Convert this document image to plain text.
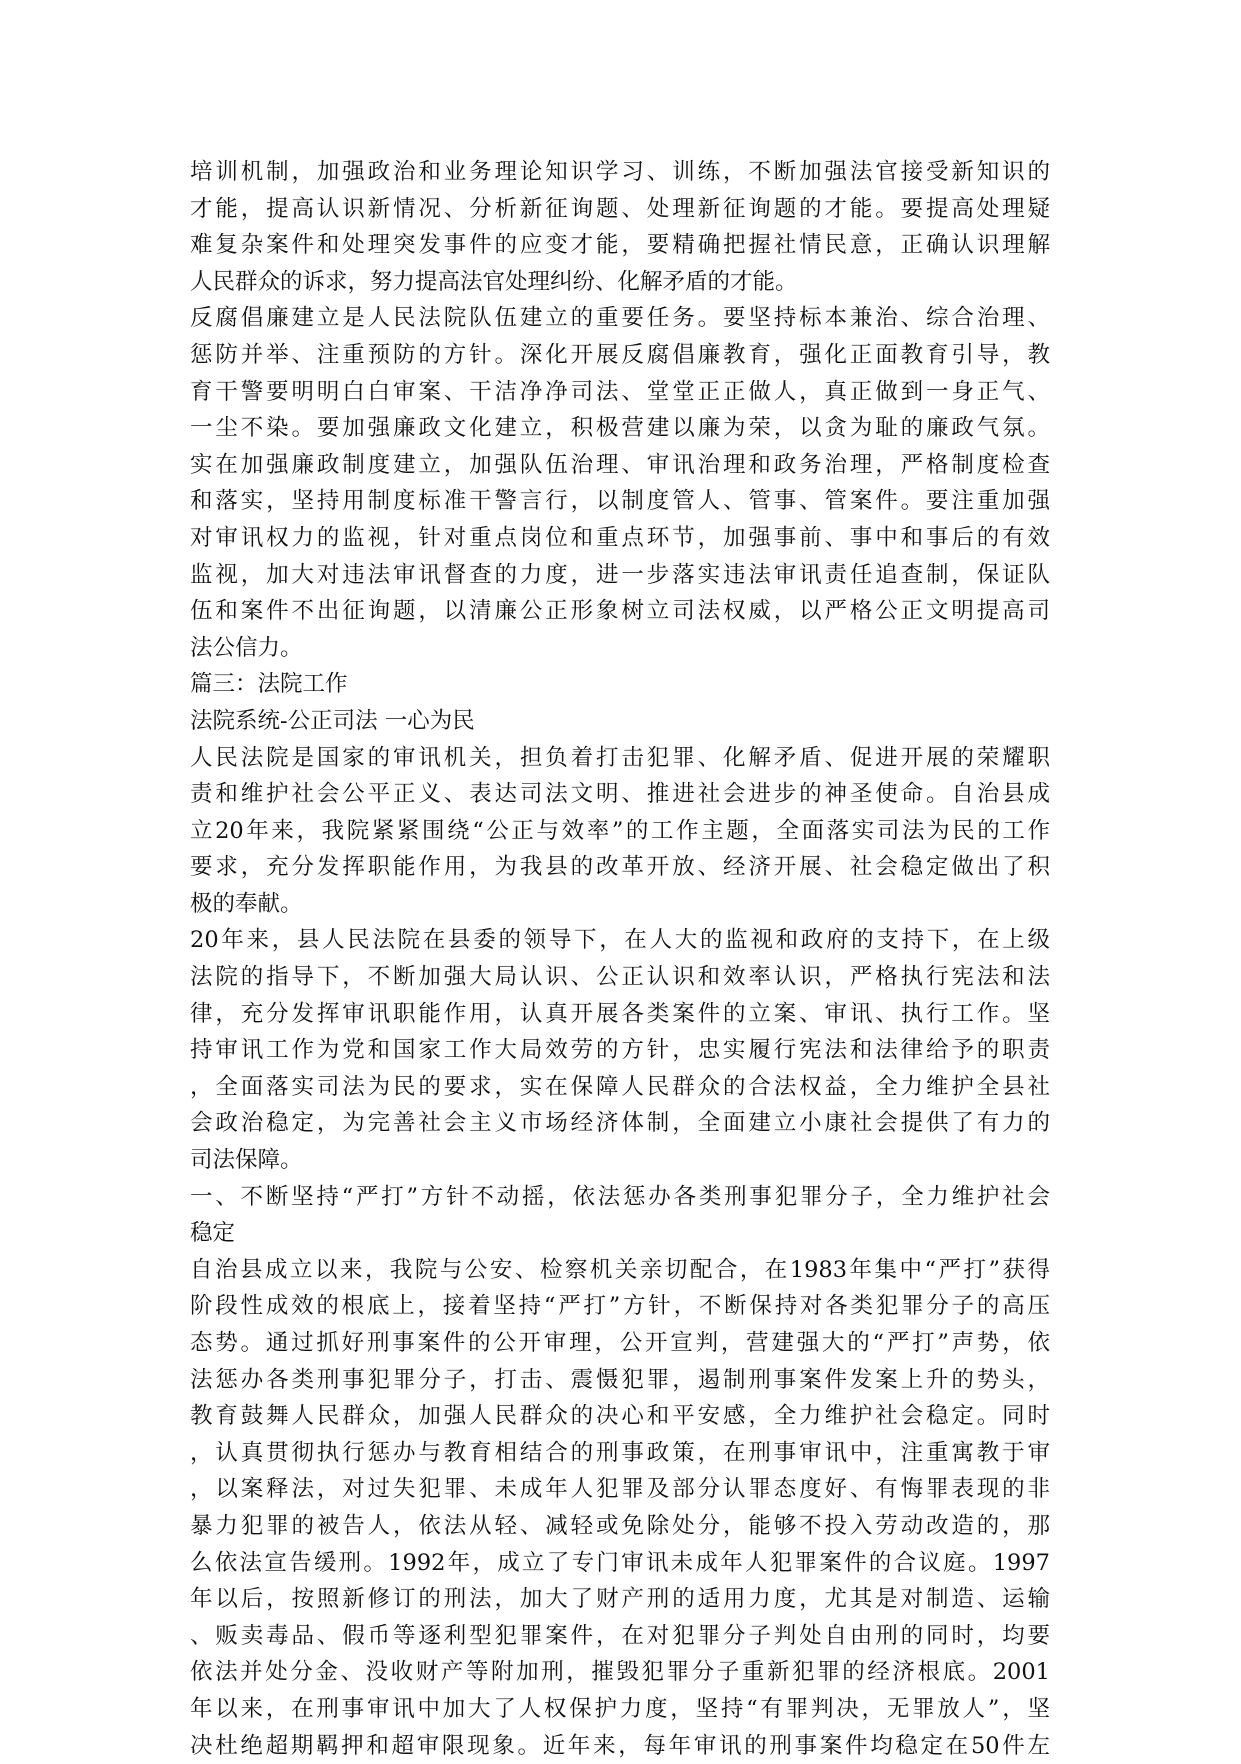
培训机制，加强政治和业务理论知识学习、训练，不断加强法官接受新知识的
才能，提高认识新情况、分析新征询题、处理新征询题的才能。要提高处理疑
难复杂案件和处理突发事件的应变才能，要精确把握社情民意，正确认识理解
人民群众的诉求，努力提高法官处理纠纷、化解矛盾的才能。
反腐倡廉建立是人民法院队伍建立的重要任务。要坚持标本兼治、综合治理、
惩防并举、注重预防的方针。深化开展反腐倡廉教育，强化正面教育引导，教
育干警要明明白白审案、干洁净净司法、堂堂正正做人，真正做到一身正气、
一尘不染。要加强廉政文化建立，积极营建以廉为荣，以贪为耻的廉政气氛。
实在加强廉政制度建立，加强队伍治理、审讯治理和政务治理，严格制度检查
和落实，坚持用制度标准干警言行，以制度管人、管事、管案件。要注重加强
对审讯权力的监视，针对重点岗位和重点环节，加强事前、事中和事后的有效
监视，加大对违法审讯督查的力度，进一步落实违法审讯责任追查制，保证队
伍和案件不出征询题，以清廉公正形象树立司法权威，以严格公正文明提高司
法公信力。
篇三：法院工作
法院系统-公正司法 一心为民
人民法院是国家的审讯机关，担负着打击犯罪、化解矛盾、促进开展的荣耀职
责和维护社会公平正义、表达司法文明、推进社会进步的神圣使命。自治县成
立20年来，我院紧紧围绕“公正与效率”的工作主题，全面落实司法为民的工作
要求，充分发挥职能作用，为我县的改革开放、经济开展、社会稳定做出了积
极的奉献。
20年来，县人民法院在县委的领导下，在人大的监视和政府的支持下，在上级
法院的指导下，不断加强大局认识、公正认识和效率认识，严格执行宪法和法
律，充分发挥审讯职能作用，认真开展各类案件的立案、审讯、执行工作。坚
持审讯工作为党和国家工作大局效劳的方针，忠实履行宪法和法律给予的职责
，全面落实司法为民的要求，实在保障人民群众的合法权益，全力维护全县社
会政治稳定，为完善社会主义市场经济体制，全面建立小康社会提供了有力的
司法保障。
一、不断坚持“严打”方针不动摇，依法惩办各类刑事犯罪分子，全力维护社会
稳定
自治县成立以来，我院与公安、检察机关亲切配合，在1983年集中“严打”获得
阶段性成效的根底上，接着坚持“严打”方针，不断保持对各类犯罪分子的高压
态势。通过抓好刑事案件的公开审理，公开宣判，营建强大的“严打”声势，依
法惩办各类刑事犯罪分子，打击、震慑犯罪，遏制刑事案件发案上升的势头，
教育鼓舞人民群众，加强人民群众的决心和平安感，全力维护社会稳定。同时
，认真贯彻执行惩办与教育相结合的刑事政策，在刑事审讯中，注重寓教于审
，以案释法，对过失犯罪、未成年人犯罪及部分认罪态度好、有悔罪表现的非
暴力犯罪的被告人，依法从轻、减轻或免除处分，能够不投入劳动改造的，那
么依法宣告缓刑。1992年，成立了专门审讯未成年人犯罪案件的合议庭。1997
年以后，按照新修订的刑法，加大了财产刑的适用力度，尤其是对制造、运输
、贩卖毒品、假币等逐利型犯罪案件，在对犯罪分子判处自由刑的同时，均要
依法并处分金、没收财产等附加刑，摧毁犯罪分子重新犯罪的经济根底。2001
年以来，在刑事审讯中加大了人权保护力度，坚持“有罪判决，无罪放人”，坚
决杜绝超期羁押和超审限现象。近年来，每年审讯的刑事案件均稳定在50件左
